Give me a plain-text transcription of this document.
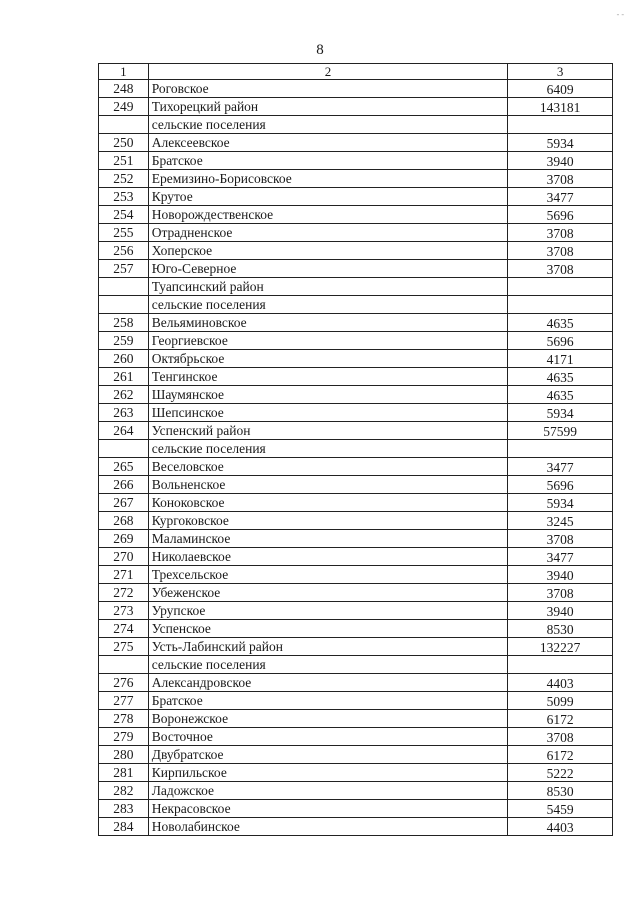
- -
8
1	2	3
248	Роговское	6409
249	Тихорецкий район	143181
	сельские поселения	
250	Алексеевское	5934
251	Братское	3940
252	Еремизино-Борисовское	3708
253	Крутое	3477
254	Новорождественское	5696
255	Отрадненское	3708
256	Хоперское	3708
257	Юго-Северное	3708
	Туапсинский район	
	сельские поселения	
258	Вельяминовское	4635
259	Георгиевское	5696
260	Октябрьское	4171
261	Тенгинское	4635
262	Шаумянское	4635
263	Шепсинское	5934
264	Успенский район	57599
	сельские поселения	
265	Веселовское	3477
266	Вольненское	5696
267	Коноковское	5934
268	Кургоковское	3245
269	Маламинское	3708
270	Николаевское	3477
271	Трехсельское	3940
272	Убеженское	3708
273	Урупское	3940
274	Успенское	8530
275	Усть-Лабинский район	132227
	сельские поселения	
276	Александровское	4403
277	Братское	5099
278	Воронежское	6172
279	Восточное	3708
280	Двубратское	6172
281	Кирпильское	5222
282	Ладожское	8530
283	Некрасовское	5459
284	Новолабинское	4403
